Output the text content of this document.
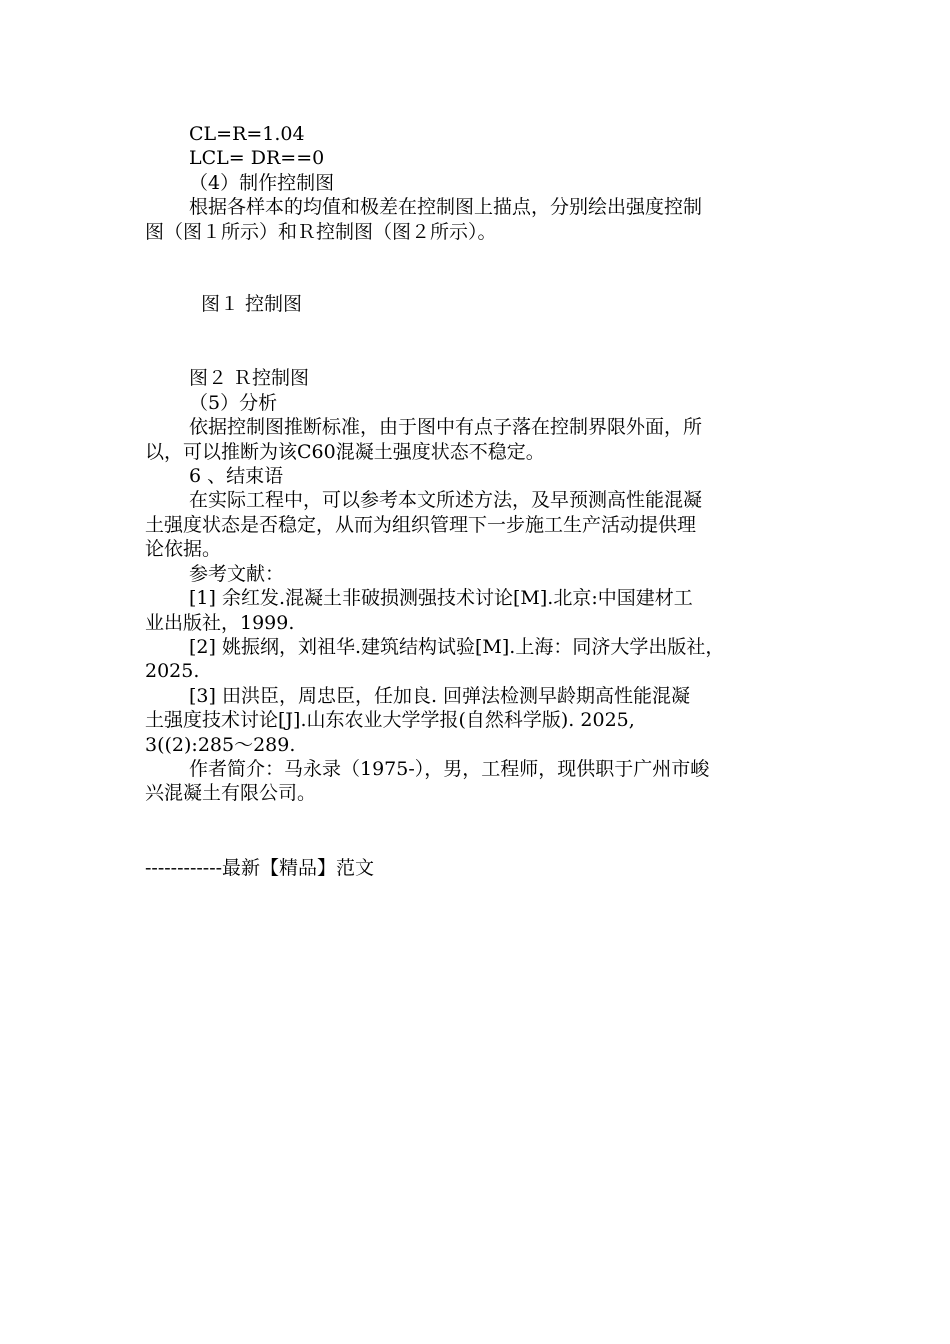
CL=R=1.04
LCL= DR==0
（4）制作控制图
根据各样本的均值和极差在控制图上描点，分别绘出强度控制
图（图１所示）和Ｒ控制图（图２所示）。
图１ 控制图
图２ Ｒ控制图
（5）分析
依据控制图推断标准，由于图中有点子落在控制界限外面，所
以，可以推断为该C60混凝土强度状态不稳定。
6 、结束语
在实际工程中，可以参考本文所述方法，及早预测高性能混凝
土强度状态是否稳定，从而为组织管理下一步施工生产活动提供理
论依据。
参考文献：
[1] 余红发.混凝土非破损测强技术讨论[M].北京:中国建材工
业出版社，1999.
[2] 姚振纲，刘祖华.建筑结构试验[M].上海：同济大学出版社，
2025.
[3] 田洪臣，周忠臣，任加良. 回弹法检测早龄期高性能混凝
土强度技术讨论[J].山东农业大学学报(自然科学版). 2025,
3((2):285～289.
作者简介：马永录（1975-），男，工程师，现供职于广州市峻
兴混凝土有限公司。
------------最新【精品】范文
